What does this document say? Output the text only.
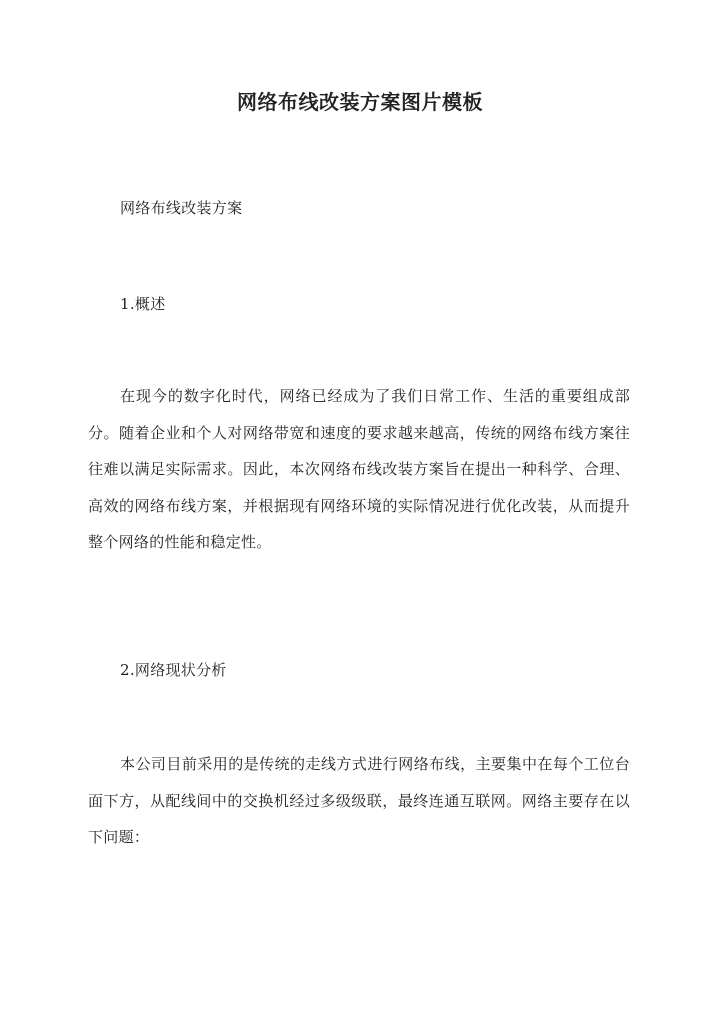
网络布线改装方案图片模板

网络布线改装方案

1.概述

在现今的数字化时代，网络已经成为了我们日常工作、生活的重要组成部分。随着企业和个人对网络带宽和速度的要求越来越高，传统的网络布线方案往往难以满足实际需求。因此，本次网络布线改装方案旨在提出一种科学、合理、高效的网络布线方案，并根据现有网络环境的实际情况进行优化改装，从而提升整个网络的性能和稳定性。

2.网络现状分析

本公司目前采用的是传统的走线方式进行网络布线，主要集中在每个工位台面下方，从配线间中的交换机经过多级级联，最终连通互联网。网络主要存在以下问题：
